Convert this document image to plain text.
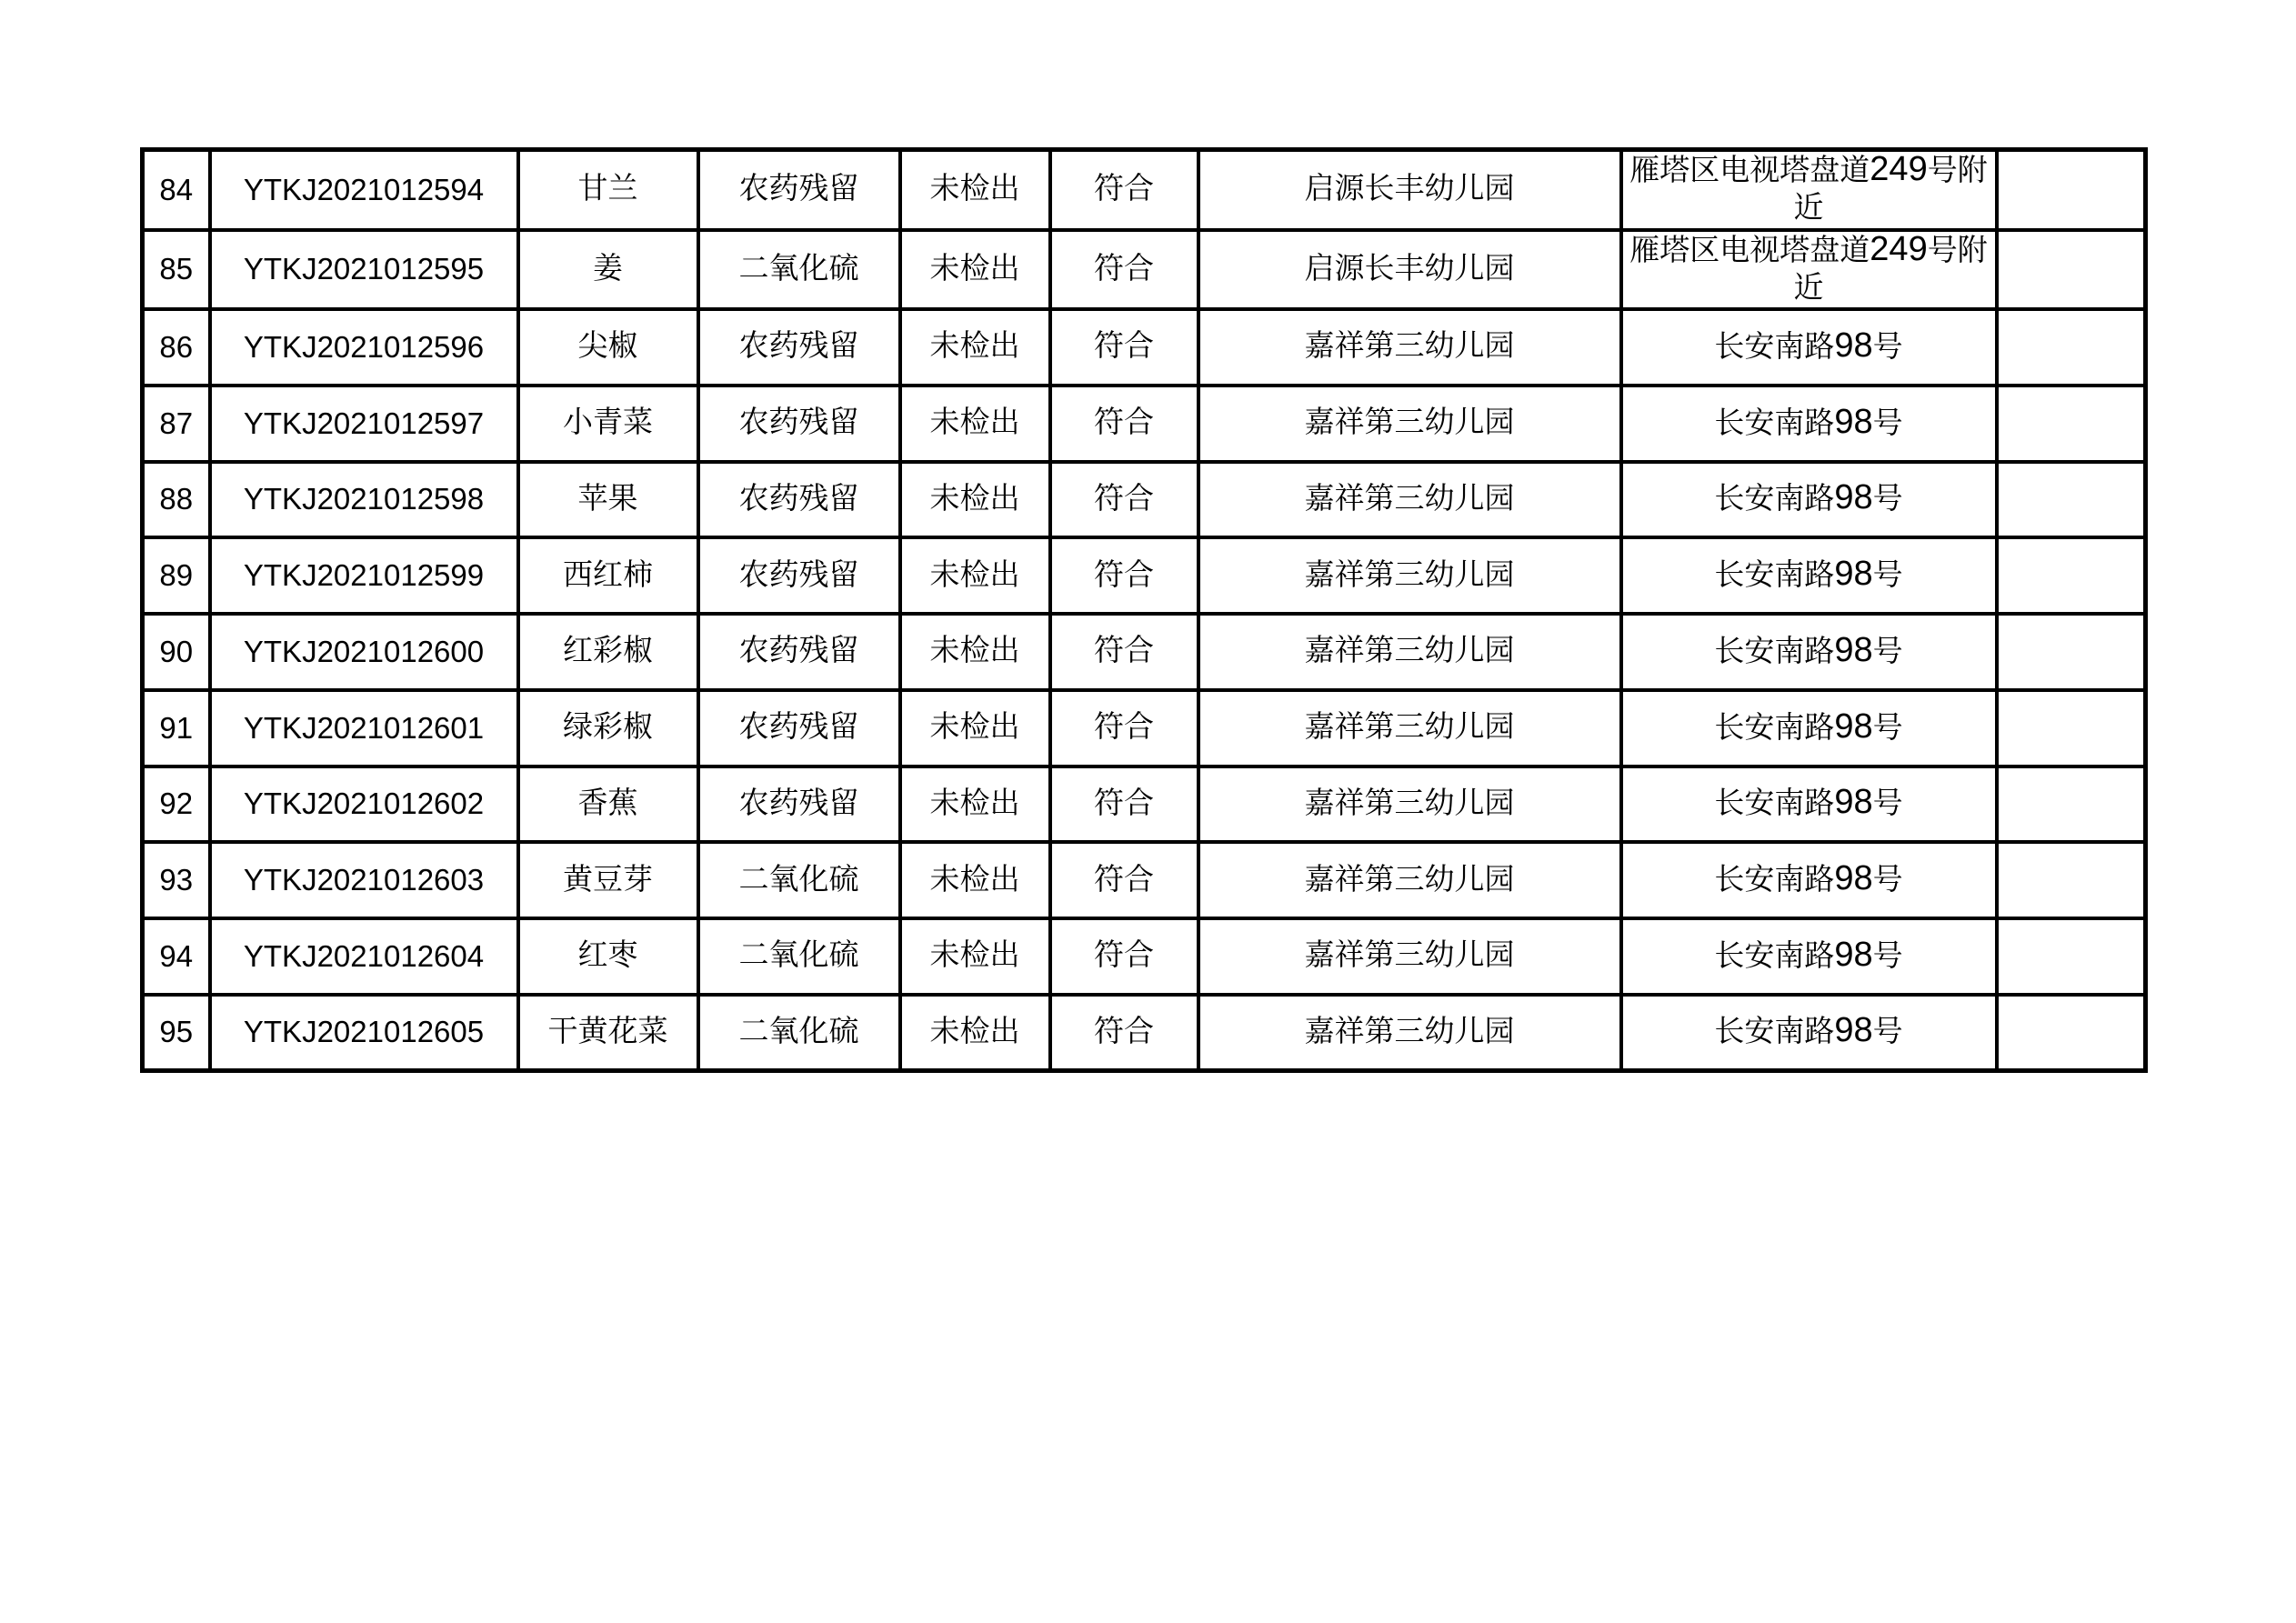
84	YTKJ2021012594	甘兰	农药残留	未检出	符合	启源长丰幼儿园	雁塔区电视塔盘道249号附近	
85	YTKJ2021012595	姜	二氧化硫	未检出	符合	启源长丰幼儿园	雁塔区电视塔盘道249号附近	
86	YTKJ2021012596	尖椒	农药残留	未检出	符合	嘉祥第三幼儿园	长安南路98号	
87	YTKJ2021012597	小青菜	农药残留	未检出	符合	嘉祥第三幼儿园	长安南路98号	
88	YTKJ2021012598	苹果	农药残留	未检出	符合	嘉祥第三幼儿园	长安南路98号	
89	YTKJ2021012599	西红柿	农药残留	未检出	符合	嘉祥第三幼儿园	长安南路98号	
90	YTKJ2021012600	红彩椒	农药残留	未检出	符合	嘉祥第三幼儿园	长安南路98号	
91	YTKJ2021012601	绿彩椒	农药残留	未检出	符合	嘉祥第三幼儿园	长安南路98号	
92	YTKJ2021012602	香蕉	农药残留	未检出	符合	嘉祥第三幼儿园	长安南路98号	
93	YTKJ2021012603	黄豆芽	二氧化硫	未检出	符合	嘉祥第三幼儿园	长安南路98号	
94	YTKJ2021012604	红枣	二氧化硫	未检出	符合	嘉祥第三幼儿园	长安南路98号	
95	YTKJ2021012605	干黄花菜	二氧化硫	未检出	符合	嘉祥第三幼儿园	长安南路98号	
